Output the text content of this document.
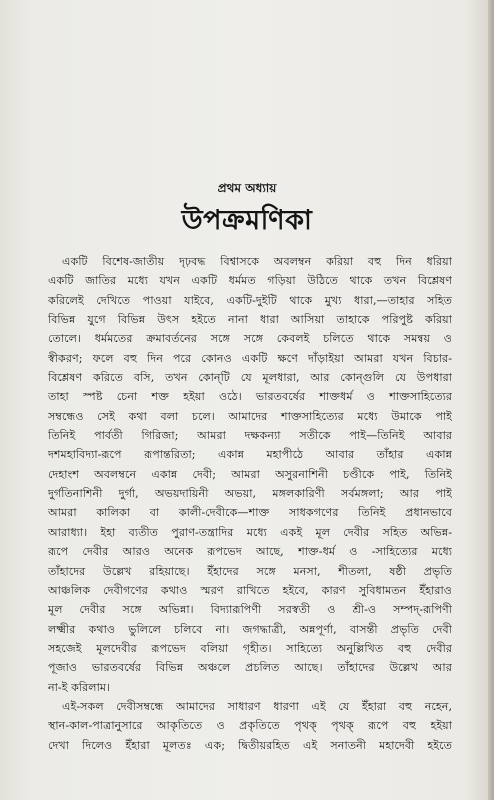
প্রথম অধ্যায়
উপক্রমণিকা
একটি বিশেষ-জাতীয় দৃঢ়বদ্ধ বিশ্বাসকে অবলম্বন করিয়া বহু দিন ধরিয়া
একটি জাতির মধ্যে যখন একটি ধর্মমত গড়িয়া উঠিতে থাকে তখন বিশ্লেষণ
করিলেই দেখিতে পাওয়া যাইবে, একটি-দুইটি থাকে মুখ্য ধারা,—তাহার সহিত
বিভিন্ন যুগে বিভিন্ন উৎস হইতে নানা ধারা আসিয়া তাহাকে পরিপুষ্ট করিয়া
তোলে। ধর্মমতের ক্রমাবর্তনের সঙ্গে সঙ্গে কেবলই চলিতে থাকে সমন্বয় ও
স্বীকরণ; ফলে বহু দিন পরে কোনও একটি ক্ষণে দাঁড়াইয়া আমরা যখন বিচার-
বিশ্লেষণ করিতে বসি, তখন কোন্‌টি যে মূলধারা, আর কোন্‌গুলি যে উপধারা
তাহা স্পষ্ট চেনা শক্ত হইয়া ওঠে। ভারতবর্ষের শাক্তধর্ম ও শাক্তসাহিত্যের
সম্বন্ধেও সেই কথা বলা চলে। আমাদের শাক্তসাহিত্যের মধ্যে উমাকে পাই
তিনিই পার্বতী গিরিজা; আমরা দক্ষকন্যা সতীকে পাই—তিনিই আবার
দশমহাবিদ্যা-রূপে রূপান্তরিতা; একান্ন মহাপীঠে আবার তাঁহার একান্ন
দেহাংশ অবলম্বনে একান্ন দেবী; আমরা অসুরনাশিনী চণ্ডীকে পাই, তিনিই
দুর্গতিনাশিনী দুর্গা, অভয়দায়িনী অভয়া, মঙ্গলকারিণী সর্বমঙ্গলা; আর পাই
আমরা কালিকা বা কালী-দেবীকে—শাক্ত সাধকগণের তিনিই প্রধানভাবে
আরাধ্যা। ইহা ব্যতীত পুরাণ-তন্ত্রাদির মধ্যে একই মূল দেবীর সহিত অভিন্ন-
রূপে দেবীর আরও অনেক রূপভেদ আছে, শাক্ত-ধর্ম ও -সাহিত্যের মধ্যে
তাঁহাদের উল্লেখ রহিয়াছে। ইঁহাদের সঙ্গে মনসা, শীতলা, ষষ্ঠী প্রভৃতি
আঞ্চলিক দেবীগণের কথাও স্মরণ রাখিতে হইবে, কারণ সুবিধামতন ইঁহারাও
মূল দেবীর সঙ্গে অভিন্না। বিদ্যারূপিণী সরস্বতী ও শ্রী-ও সম্পদ্-রূপিণী
লক্ষ্মীর কথাও ভুলিলে চলিবে না। জগদ্ধাত্রী, অন্নপূর্ণা, বাসন্তী প্রভৃতি দেবী
সহজেই মূলদেবীর রূপভেদ বলিয়া গৃহীত। সাহিত্যে অনুল্লিখিত বহু দেবীর
পূজাও ভারতবর্ষের বিভিন্ন অঞ্চলে প্রচলিত আছে। তাঁহাদের উল্লেখ আর
না-ই করিলাম।
এই-সকল দেবীসম্বন্ধে আমাদের সাধারণ ধারণা এই যে ইঁহারা বহু নহেন,
স্থান-কাল-পাত্রানুসারে আকৃতিতে ও প্রকৃতিতে পৃথক্ পৃথক্ রূপে বহু হইয়া
দেখা দিলেও ইঁহারা মূলতঃ এক; দ্বিতীয়রহিত এই সনাতনী মহাদেবী হইতে
